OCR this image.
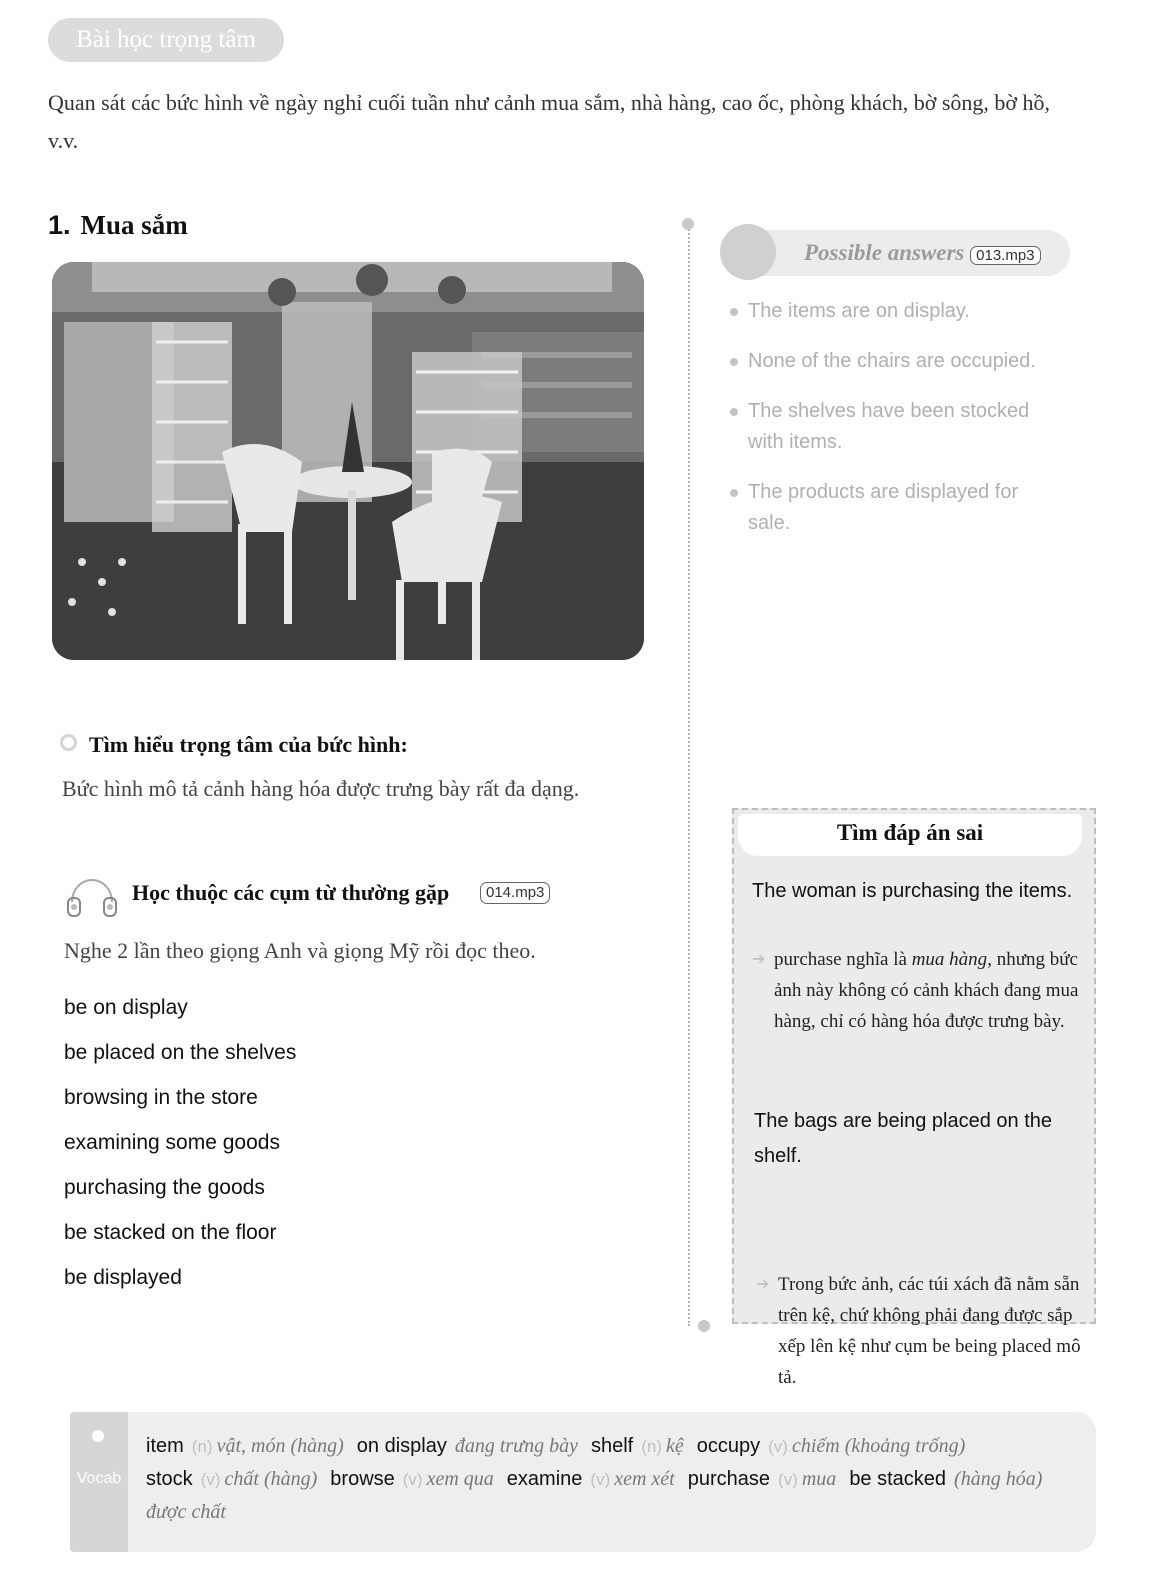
Bài học trọng tâm
Quan sát các bức hình về ngày nghỉ cuối tuần như cảnh mua sắm, nhà hàng, cao ốc, phòng khách, bờ sông, bờ hồ, v.v.
1. Mua sắm
Possible answers 013.mp3
The items are on display.
None of the chairs are occupied.
The shelves have been stocked with items.
The products are displayed for sale.
Tìm hiểu trọng tâm của bức hình:
Bức hình mô tả cảnh hàng hóa được trưng bày rất đa dạng.
Học thuộc các cụm từ thường gặp	014.mp3
Nghe 2 lần theo giọng Anh và giọng Mỹ rồi đọc theo.
be on display
be placed on the shelves
browsing in the store
examining some goods
purchasing the goods
be stacked on the floor
be displayed
Tìm đáp án sai
The woman is purchasing the items.
➔ purchase nghĩa là mua hàng, nhưng bức ảnh này không có cảnh khách đang mua hàng, chỉ có hàng hóa được trưng bày.
The bags are being placed on the shelf.
➔ Trong bức ảnh, các túi xách đã nằm sẵn trên kệ, chứ không phải đang được sắp xếp lên kệ như cụm be being placed mô tả.
Vocab
item (n) vật, món (hàng) on display đang trưng bày shelf (n) kệ occupy (v) chiếm (khoảng trống) stock (v) chất (hàng) browse (v) xem qua examine (v) xem xét purchase (v) mua be stacked (hàng hóa) được chất
